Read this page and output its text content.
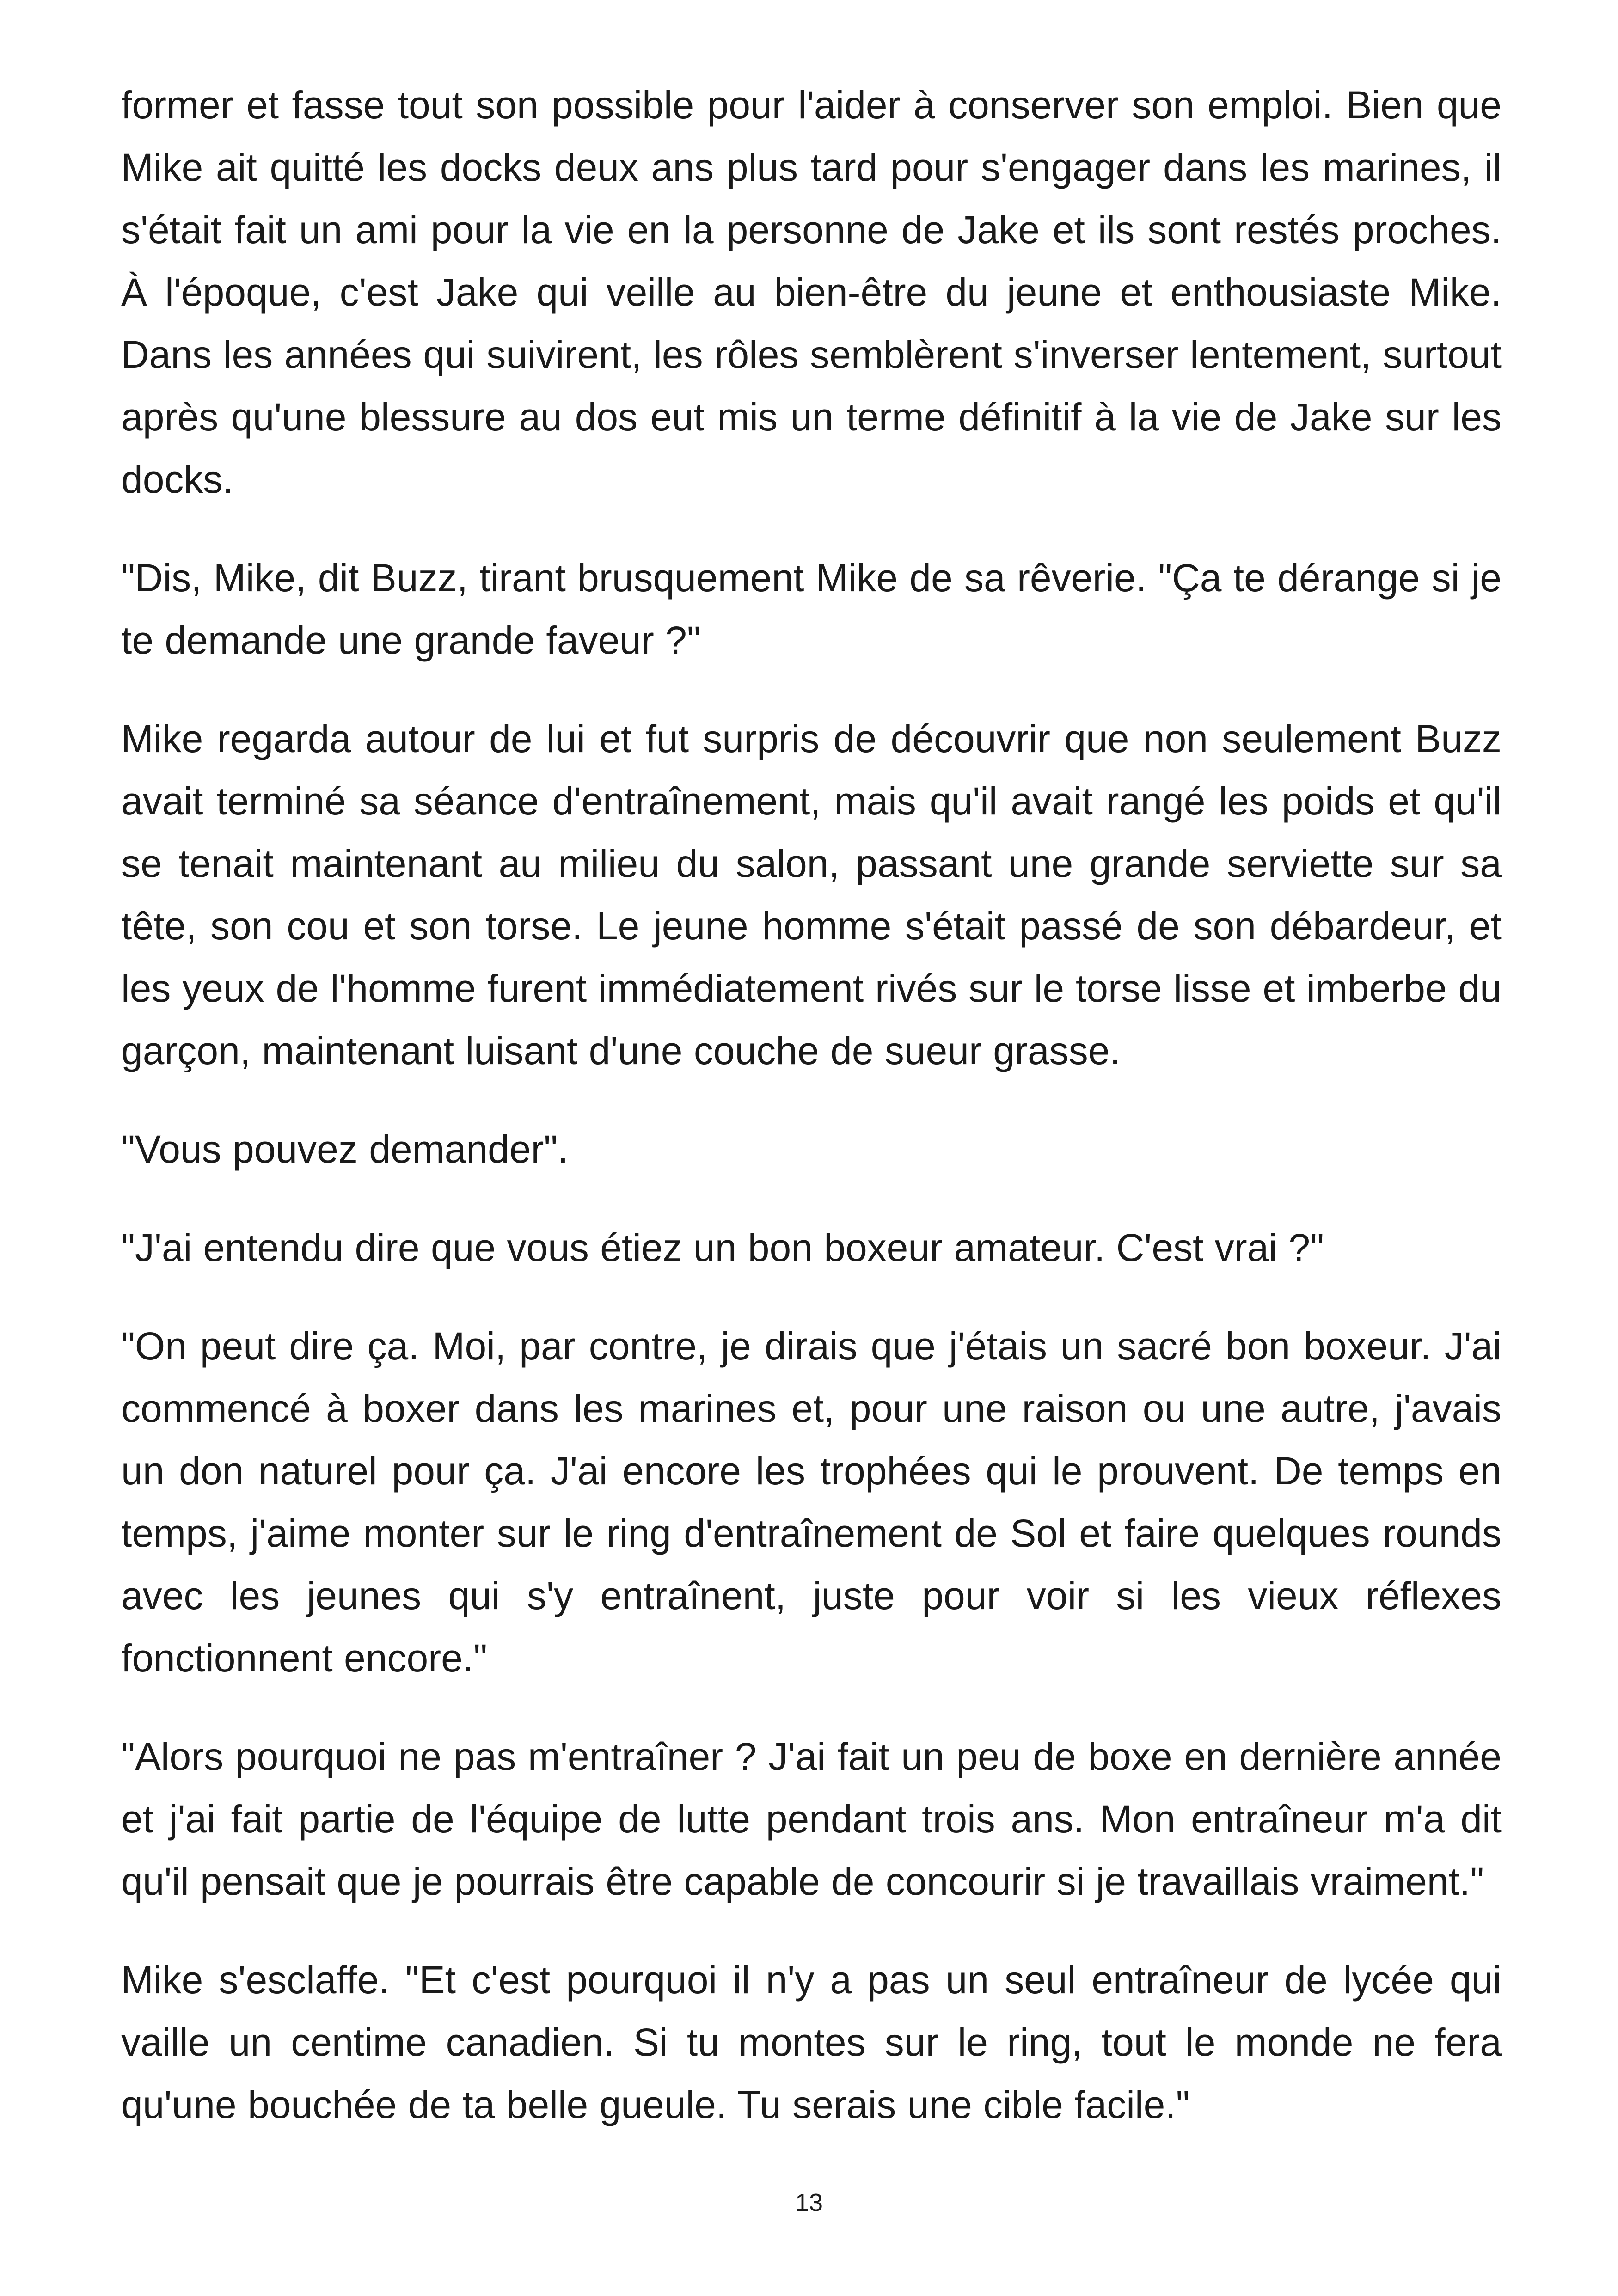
former et fasse tout son possible pour l'aider à conserver son emploi. Bien que Mike ait quitté les docks deux ans plus tard pour s'engager dans les marines, il s'était fait un ami pour la vie en la personne de Jake et ils sont restés proches. À l'époque, c'est Jake qui veille au bien-être du jeune et enthousiaste Mike. Dans les années qui suivirent, les rôles semblèrent s'inverser lentement, surtout après qu'une blessure au dos eut mis un terme définitif à la vie de Jake sur les docks.

"Dis, Mike, dit Buzz, tirant brusquement Mike de sa rêverie. "Ça te dérange si je te demande une grande faveur ?"

Mike regarda autour de lui et fut surpris de découvrir que non seulement Buzz avait terminé sa séance d'entraînement, mais qu'il avait rangé les poids et qu'il se tenait maintenant au milieu du salon, passant une grande serviette sur sa tête, son cou et son torse. Le jeune homme s'était passé de son débardeur, et les yeux de l'homme furent immédiatement rivés sur le torse lisse et imberbe du garçon, maintenant luisant d'une couche de sueur grasse.

"Vous pouvez demander".

"J'ai entendu dire que vous étiez un bon boxeur amateur. C'est vrai ?"

"On peut dire ça. Moi, par contre, je dirais que j'étais un sacré bon boxeur. J'ai commencé à boxer dans les marines et, pour une raison ou une autre, j'avais un don naturel pour ça. J'ai encore les trophées qui le prouvent. De temps en temps, j'aime monter sur le ring d'entraînement de Sol et faire quelques rounds avec les jeunes qui s'y entraînent, juste pour voir si les vieux réflexes fonctionnent encore."

"Alors pourquoi ne pas m'entraîner ? J'ai fait un peu de boxe en dernière année et j'ai fait partie de l'équipe de lutte pendant trois ans. Mon entraîneur m'a dit qu'il pensait que je pourrais être capable de concourir si je travaillais vraiment."

Mike s'esclaffe. "Et c'est pourquoi il n'y a pas un seul entraîneur de lycée qui vaille un centime canadien. Si tu montes sur le ring, tout le monde ne fera qu'une bouchée de ta belle gueule. Tu serais une cible facile."

13
